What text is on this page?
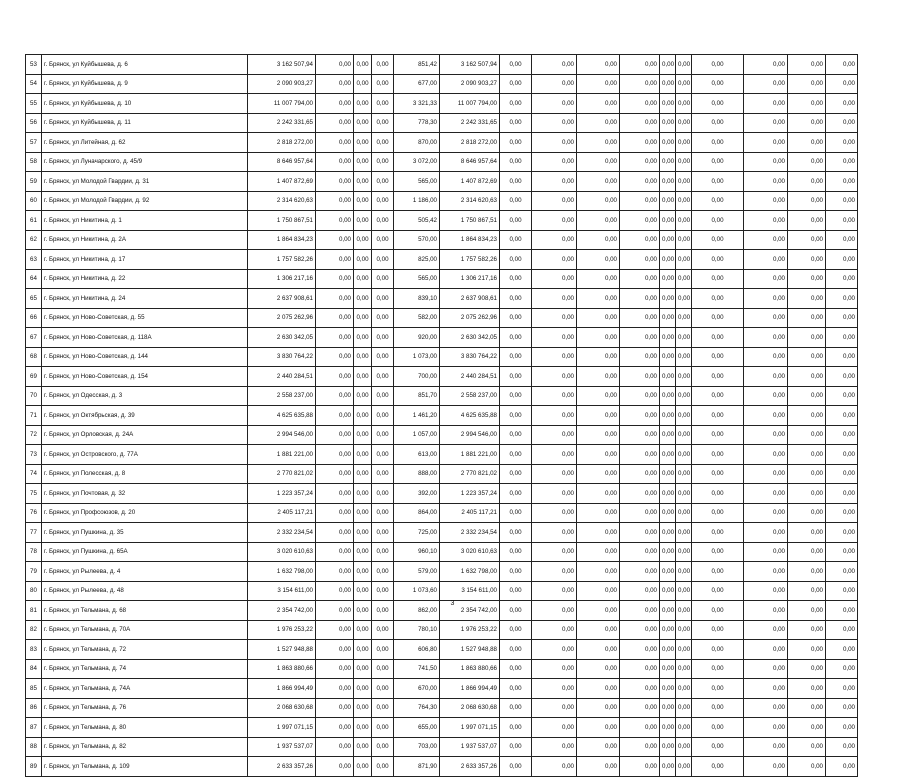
53	г. Брянск, ул Куйбышева, д. 6	3 162 507,94	0,00	0,00	0,00	851,42	3 162 507,94	0,00	0,00	0,00	0,00	0,00	0,00	0,00	0,00	0,00	0,00
54	г. Брянск, ул Куйбышева, д. 9	2 090 903,27	0,00	0,00	0,00	677,00	2 090 903,27	0,00	0,00	0,00	0,00	0,00	0,00	0,00	0,00	0,00	0,00
55	г. Брянск, ул Куйбышева, д. 10	11 007 794,00	0,00	0,00	0,00	3 321,33	11 007 794,00	0,00	0,00	0,00	0,00	0,00	0,00	0,00	0,00	0,00	0,00
56	г. Брянск, ул Куйбышева, д. 11	2 242 331,65	0,00	0,00	0,00	778,30	2 242 331,65	0,00	0,00	0,00	0,00	0,00	0,00	0,00	0,00	0,00	0,00
57	г. Брянск, ул Литейная, д. 62	2 818 272,00	0,00	0,00	0,00	870,00	2 818 272,00	0,00	0,00	0,00	0,00	0,00	0,00	0,00	0,00	0,00	0,00
58	г. Брянск, ул Луначарского, д. 45/9	8 646 957,64	0,00	0,00	0,00	3 072,00	8 646 957,64	0,00	0,00	0,00	0,00	0,00	0,00	0,00	0,00	0,00	0,00
59	г. Брянск, ул Молодой Гвардии, д. 31	1 407 872,69	0,00	0,00	0,00	565,00	1 407 872,69	0,00	0,00	0,00	0,00	0,00	0,00	0,00	0,00	0,00	0,00
60	г. Брянск, ул Молодой Гвардии, д. 92	2 314 620,63	0,00	0,00	0,00	1 186,00	2 314 620,63	0,00	0,00	0,00	0,00	0,00	0,00	0,00	0,00	0,00	0,00
61	г. Брянск, ул Никитина, д. 1	1 750 867,51	0,00	0,00	0,00	505,42	1 750 867,51	0,00	0,00	0,00	0,00	0,00	0,00	0,00	0,00	0,00	0,00
62	г. Брянск, ул Никитина, д. 2А	1 864 834,23	0,00	0,00	0,00	570,00	1 864 834,23	0,00	0,00	0,00	0,00	0,00	0,00	0,00	0,00	0,00	0,00
63	г. Брянск, ул Никитина, д. 17	1 757 582,26	0,00	0,00	0,00	825,00	1 757 582,26	0,00	0,00	0,00	0,00	0,00	0,00	0,00	0,00	0,00	0,00
64	г. Брянск, ул Никитина, д. 22	1 306 217,16	0,00	0,00	0,00	565,00	1 306 217,16	0,00	0,00	0,00	0,00	0,00	0,00	0,00	0,00	0,00	0,00
65	г. Брянск, ул Никитина, д. 24	2 637 908,61	0,00	0,00	0,00	839,10	2 637 908,61	0,00	0,00	0,00	0,00	0,00	0,00	0,00	0,00	0,00	0,00
66	г. Брянск, ул Ново-Советская, д. 55	2 075 262,96	0,00	0,00	0,00	582,00	2 075 262,96	0,00	0,00	0,00	0,00	0,00	0,00	0,00	0,00	0,00	0,00
67	г. Брянск, ул Ново-Советская, д. 118А	2 630 342,05	0,00	0,00	0,00	920,00	2 630 342,05	0,00	0,00	0,00	0,00	0,00	0,00	0,00	0,00	0,00	0,00
68	г. Брянск, ул Ново-Советская, д. 144	3 830 764,22	0,00	0,00	0,00	1 073,00	3 830 764,22	0,00	0,00	0,00	0,00	0,00	0,00	0,00	0,00	0,00	0,00
69	г. Брянск, ул Ново-Советская, д. 154	2 440 284,51	0,00	0,00	0,00	700,00	2 440 284,51	0,00	0,00	0,00	0,00	0,00	0,00	0,00	0,00	0,00	0,00
70	г. Брянск, ул Одесская, д. 3	2 558 237,00	0,00	0,00	0,00	851,70	2 558 237,00	0,00	0,00	0,00	0,00	0,00	0,00	0,00	0,00	0,00	0,00
71	г. Брянск, ул Октябрьская, д. 39	4 625 635,88	0,00	0,00	0,00	1 461,20	4 625 635,88	0,00	0,00	0,00	0,00	0,00	0,00	0,00	0,00	0,00	0,00
72	г. Брянск, ул Орловская, д. 24А	2 994 546,00	0,00	0,00	0,00	1 057,00	2 994 546,00	0,00	0,00	0,00	0,00	0,00	0,00	0,00	0,00	0,00	0,00
73	г. Брянск, ул Островского, д. 77А	1 881 221,00	0,00	0,00	0,00	613,00	1 881 221,00	0,00	0,00	0,00	0,00	0,00	0,00	0,00	0,00	0,00	0,00
74	г. Брянск, ул Полесская, д. 8	2 770 821,02	0,00	0,00	0,00	888,00	2 770 821,02	0,00	0,00	0,00	0,00	0,00	0,00	0,00	0,00	0,00	0,00
75	г. Брянск, ул Почтовая, д. 32	1 223 357,24	0,00	0,00	0,00	392,00	1 223 357,24	0,00	0,00	0,00	0,00	0,00	0,00	0,00	0,00	0,00	0,00
76	г. Брянск, ул Профсоюзов, д. 20	2 405 117,21	0,00	0,00	0,00	864,00	2 405 117,21	0,00	0,00	0,00	0,00	0,00	0,00	0,00	0,00	0,00	0,00
77	г. Брянск, ул Пушкина, д. 35	2 332 234,54	0,00	0,00	0,00	725,00	2 332 234,54	0,00	0,00	0,00	0,00	0,00	0,00	0,00	0,00	0,00	0,00
78	г. Брянск, ул Пушкина, д. 65А	3 020 610,63	0,00	0,00	0,00	960,10	3 020 610,63	0,00	0,00	0,00	0,00	0,00	0,00	0,00	0,00	0,00	0,00
79	г. Брянск, ул Рылеева, д. 4	1 632 798,00	0,00	0,00	0,00	579,00	1 632 798,00	0,00	0,00	0,00	0,00	0,00	0,00	0,00	0,00	0,00	0,00
80	г. Брянск, ул Рылеева, д. 48	3 154 611,00	0,00	0,00	0,00	1 073,60	3 154 611,00	0,00	0,00	0,00	0,00	0,00	0,00	0,00	0,00	0,00	0,00
81	г. Брянск, ул Тельмана, д. 68	2 354 742,00	0,00	0,00	0,00	862,00	2 354 742,00	0,00	0,00	0,00	0,00	0,00	0,00	0,00	0,00	0,00	0,00
82	г. Брянск, ул Тельмана, д. 70А	1 976 253,22	0,00	0,00	0,00	780,10	1 976 253,22	0,00	0,00	0,00	0,00	0,00	0,00	0,00	0,00	0,00	0,00
83	г. Брянск, ул Тельмана, д. 72	1 527 948,88	0,00	0,00	0,00	606,80	1 527 948,88	0,00	0,00	0,00	0,00	0,00	0,00	0,00	0,00	0,00	0,00
84	г. Брянск, ул Тельмана, д. 74	1 863 880,66	0,00	0,00	0,00	741,50	1 863 880,66	0,00	0,00	0,00	0,00	0,00	0,00	0,00	0,00	0,00	0,00
85	г. Брянск, ул Тельмана, д. 74А	1 866 994,49	0,00	0,00	0,00	670,00	1 866 994,49	0,00	0,00	0,00	0,00	0,00	0,00	0,00	0,00	0,00	0,00
86	г. Брянск, ул Тельмана, д. 76	2 068 630,68	0,00	0,00	0,00	764,30	2 068 630,68	0,00	0,00	0,00	0,00	0,00	0,00	0,00	0,00	0,00	0,00
87	г. Брянск, ул Тельмана, д. 80	1 997 071,15	0,00	0,00	0,00	655,00	1 997 071,15	0,00	0,00	0,00	0,00	0,00	0,00	0,00	0,00	0,00	0,00
88	г. Брянск, ул Тельмана, д. 82	1 937 537,07	0,00	0,00	0,00	703,00	1 937 537,07	0,00	0,00	0,00	0,00	0,00	0,00	0,00	0,00	0,00	0,00
89	г. Брянск, ул Тельмана, д. 109	2 633 357,26	0,00	0,00	0,00	871,90	2 633 357,26	0,00	0,00	0,00	0,00	0,00	0,00	0,00	0,00	0,00	0,00
3
